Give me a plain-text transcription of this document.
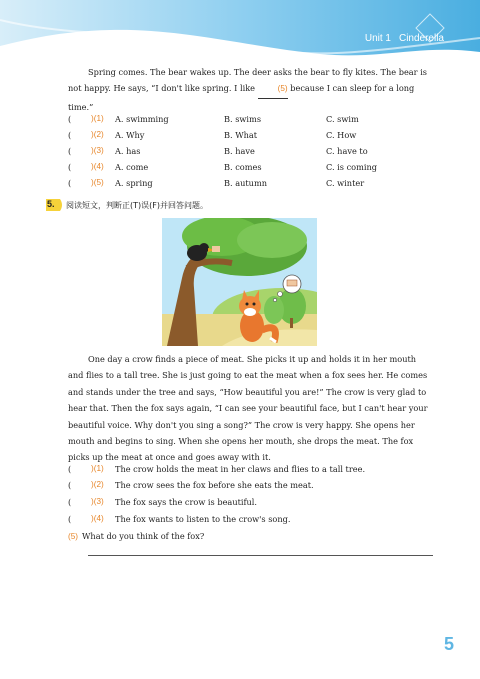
Unit 1 Cinderella
Spring comes. The bear wakes up. The deer asks the bear to fly kites. The bear is not happy. He says, “I don't like spring. I like (5) because I can sleep for a long time.”
( )(1) A. swimming	B. swims	C. swim
( )(2) A. Why	B. What	C. How
( )(3) A. has	B. have	C. have to
( )(4) A. come	B. comes	C. is coming
( )(5) A. spring	B. autumn	C. winter
5. 阅读短文，判断正(T)误(F)并回答问题。
One day a crow finds a piece of meat. She picks it up and holds it in her mouth and flies to a tall tree. She is just going to eat the meat when a fox sees her. He comes and stands under the tree and says, “How beautiful you are!” The crow is very glad to hear that. Then the fox says again, “I can see your beautiful face, but I can't hear your beautiful voice. Why don't you sing a song?” The crow is very happy. She opens her mouth and begins to sing. When she opens her mouth, she drops the meat. The fox picks up the meat at once and goes away with it.
( )(1) The crow holds the meat in her claws and flies to a tall tree.
( )(2) The crow sees the fox before she eats the meat.
( )(3) The fox says the crow is beautiful.
( )(4) The fox wants to listen to the crow's song.
(5) What do you think of the fox?
5
